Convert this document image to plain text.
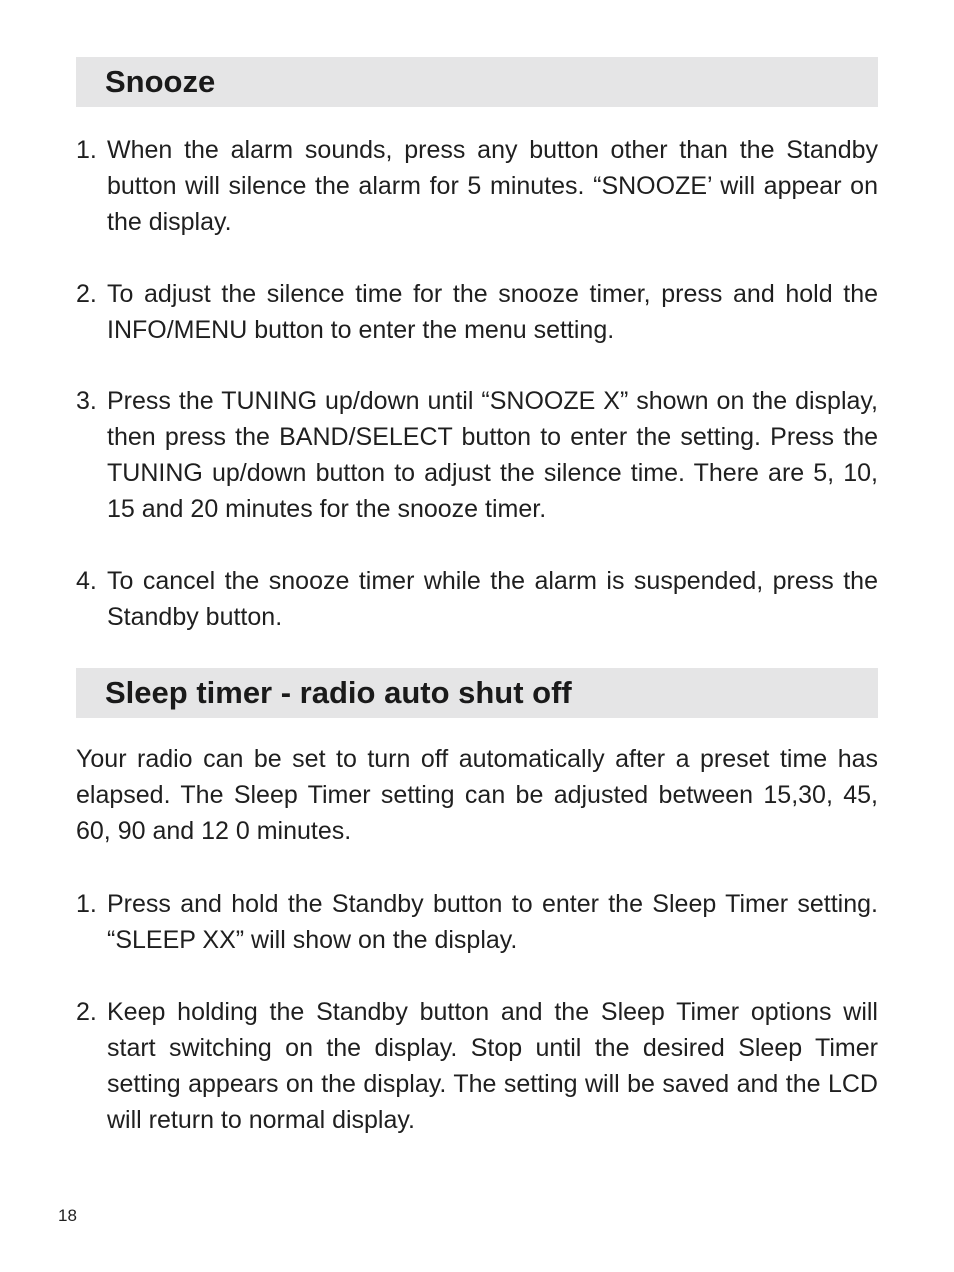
Snooze
1. When the alarm sounds, press any button other than the Standby button will silence the alarm for 5 minutes. “SNOOZE’ will appear on the display.
2. To adjust the silence time for the snooze timer, press and hold the INFO/MENU button to enter the menu setting.
3. Press the TUNING up/down until “SNOOZE X” shown on the display, then press the BAND/SELECT button to enter the setting. Press the TUNING up/down button to adjust the silence time. There are 5, 10, 15 and 20 minutes for the snooze timer.
4. To cancel the snooze timer while the alarm is suspended, press the Standby button.
Sleep timer - radio auto shut off

Your radio can be set to turn off automatically after a preset time has elapsed. The Sleep Timer setting can be adjusted between 15,30, 45, 60, 90 and 12 0 minutes.

1. Press and hold the Standby button to enter the Sleep Timer setting. “SLEEP XX” will show on the display.
2. Keep holding the Standby button and the Sleep Timer options will start switching on the display. Stop until the desired Sleep Timer setting appears on the display. The setting will be saved and the LCD will return to normal display.
18
